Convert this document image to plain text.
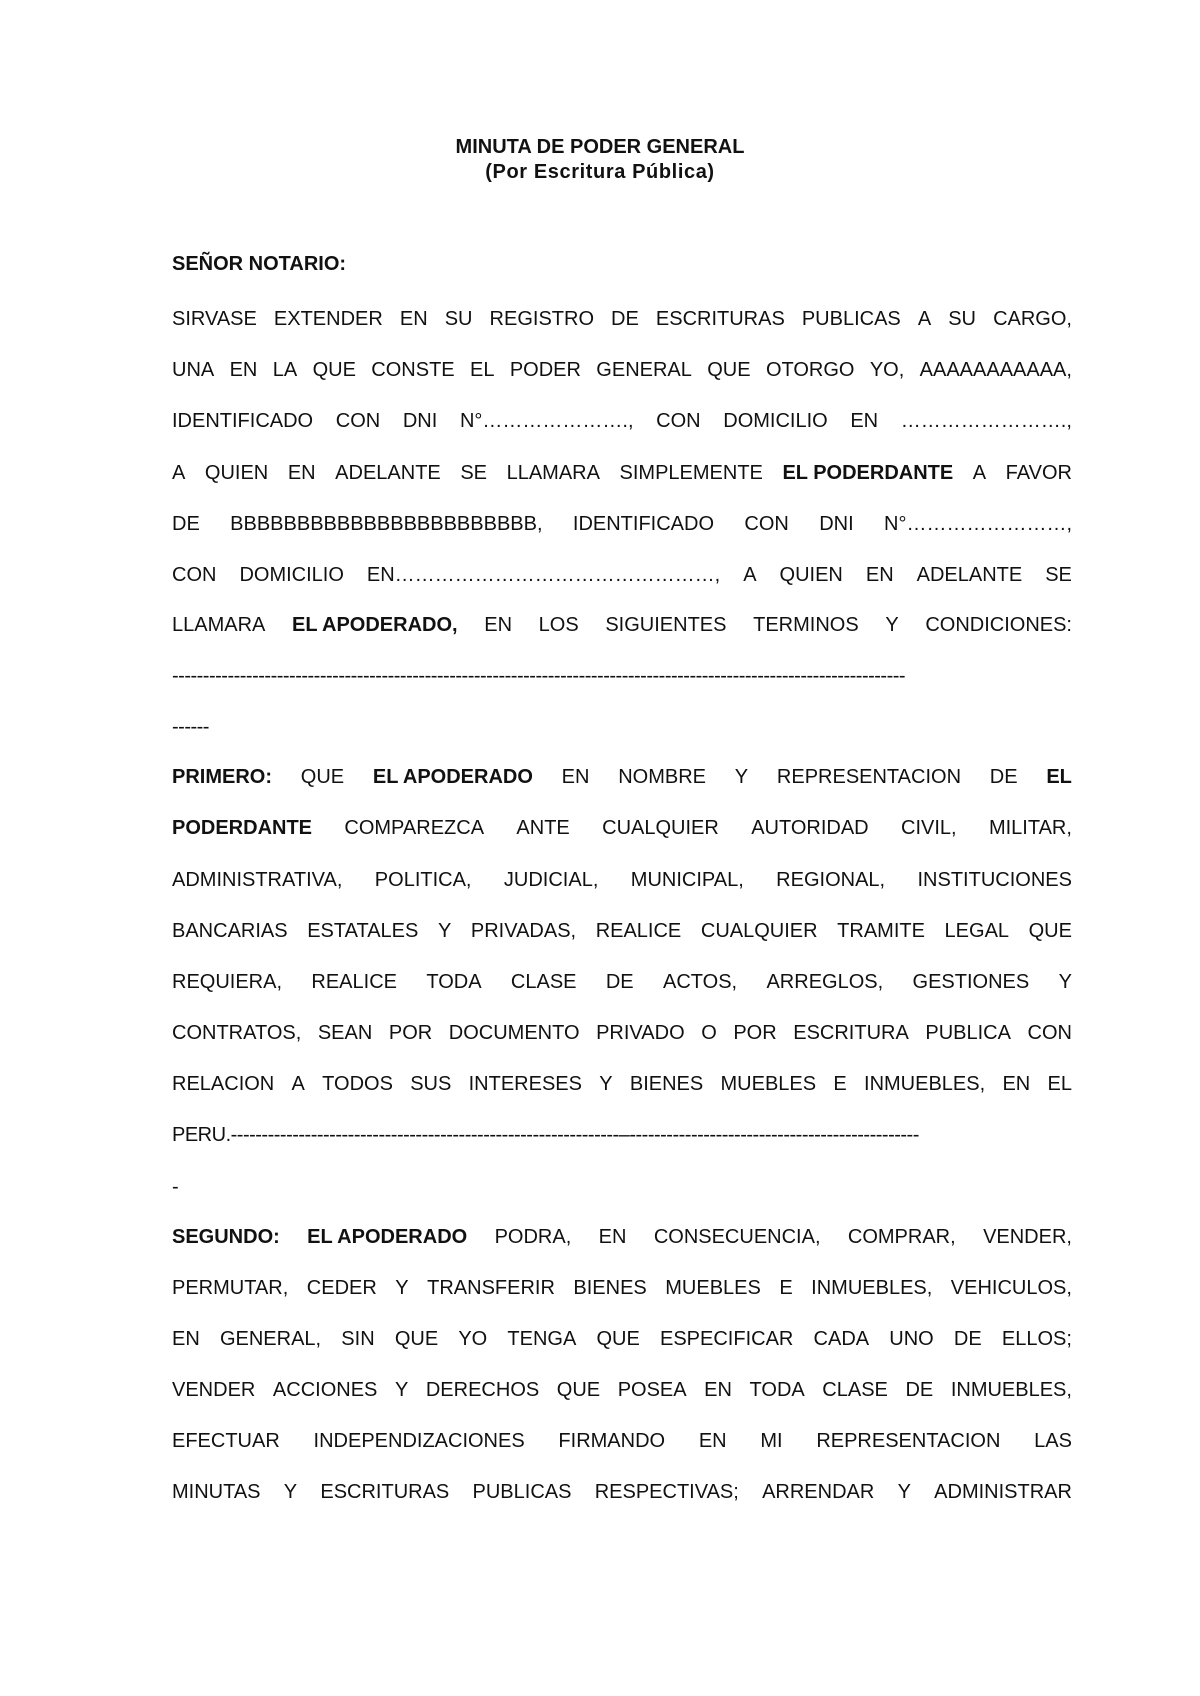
MINUTA DE PODER GENERAL
(Por Escritura Pública)
SEÑOR NOTARIO:
SIRVASE EXTENDER EN SU REGISTRO DE ESCRITURAS PUBLICAS A SU CARGO,
UNA EN LA QUE CONSTE EL PODER GENERAL QUE OTORGO YO, AAAAAAAAAAA,
IDENTIFICADO CON DNI N°…………………., CON DOMICILIO EN …………………….,
A QUIEN EN ADELANTE SE LLAMARA SIMPLEMENTE EL PODERDANTE A FAVOR
DE BBBBBBBBBBBBBBBBBBBBBBB, IDENTIFICADO CON DNI N°……………………,
CON DOMICILIO EN…………………………………………, A QUIEN EN ADELANTE SE
LLAMARA EL APODERADO, EN LOS SIGUIENTES TERMINOS Y CONDICIONES:
-----------------------------------------------------------------------------------------------------------------------
------
PRIMERO: QUE EL APODERADO EN NOMBRE Y REPRESENTACION DE EL
PODERDANTE COMPAREZCA ANTE CUALQUIER AUTORIDAD CIVIL, MILITAR,
ADMINISTRATIVA, POLITICA, JUDICIAL, MUNICIPAL, REGIONAL, INSTITUCIONES
BANCARIAS ESTATALES Y PRIVADAS, REALICE CUALQUIER TRAMITE LEGAL QUE
REQUIERA, REALICE TODA CLASE DE ACTOS, ARREGLOS, GESTIONES Y
CONTRATOS, SEAN POR DOCUMENTO PRIVADO O POR ESCRITURA PUBLICA CON
RELACION A TODOS SUS INTERESES Y BIENES MUEBLES E INMUEBLES, EN EL
PERU.---------------------------------------------------------------–-----------------------------------------------
-
SEGUNDO: EL APODERADO PODRA, EN CONSECUENCIA, COMPRAR, VENDER,
PERMUTAR, CEDER Y TRANSFERIR BIENES MUEBLES E INMUEBLES, VEHICULOS,
EN GENERAL, SIN QUE YO TENGA QUE ESPECIFICAR CADA UNO DE ELLOS;
VENDER ACCIONES Y DERECHOS QUE POSEA EN TODA CLASE DE INMUEBLES,
EFECTUAR INDEPENDIZACIONES FIRMANDO EN MI REPRESENTACION LAS
MINUTAS Y ESCRITURAS PUBLICAS RESPECTIVAS; ARRENDAR Y ADMINISTRAR
